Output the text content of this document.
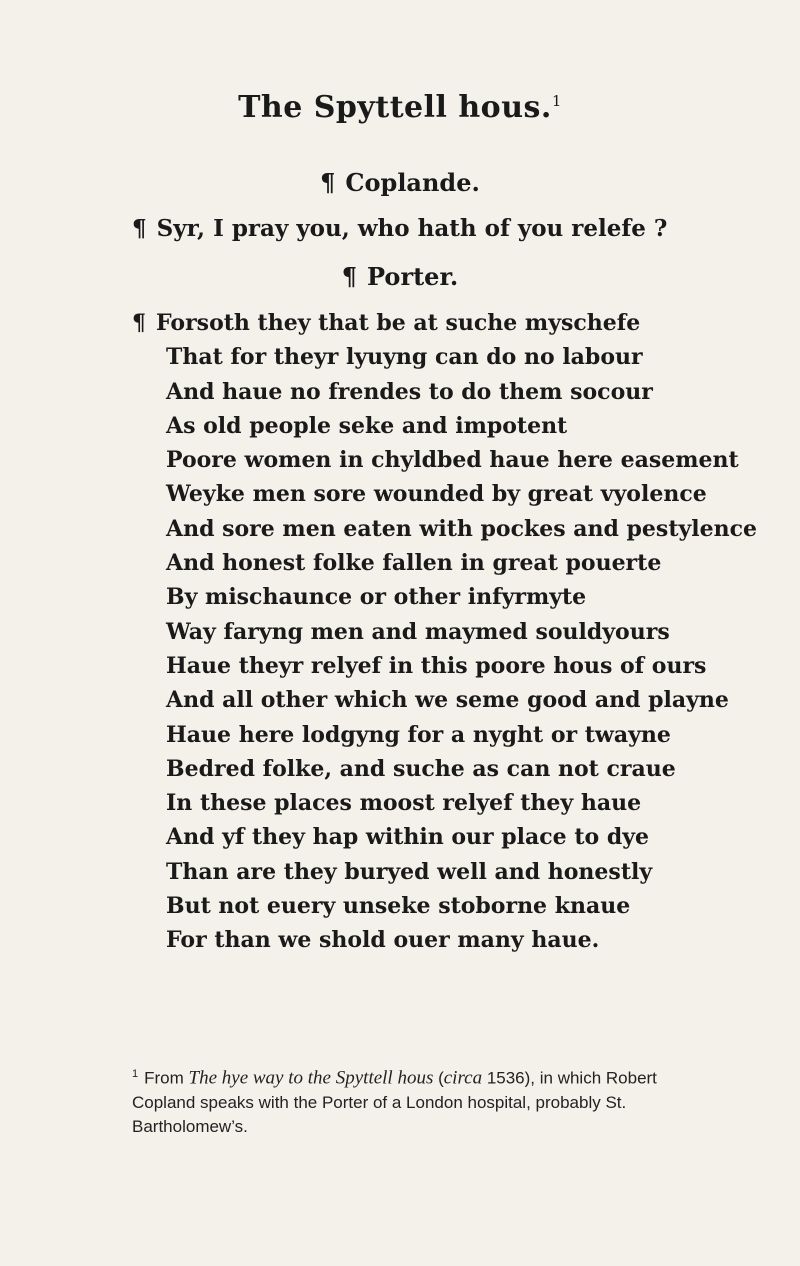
The Spyttell hous.$^1$
¶ Coplande.
¶ Syr, I pray you, who hath of you relefe ?
¶ Porter.
¶ Forsoth they that be at suche myschefe
That for theyr lyuyng can do no labour
And haue no frendes to do them socour
As old people seke and impotent
Poore women in chyldbed haue here easement
Weyke men sore wounded by great vyolence
And sore men eaten with pockes and pestylence
And honest folke fallen in great pouerte
By mischaunce or other infyrmyte
Way faryng men and maymed souldyours
Haue theyr relyef in this poore hous of ours
And all other which we seme good and playne
Haue here lodgyng for a nyght or twayne
Bedred folke, and suche as can not craue
In these places moost relyef they haue
And yf they hap within our place to dye
Than are they buryed well and honestly
But not euery unseke stoborne knaue
For than we shold ouer many haue.
$^1$ From The hye way to the Spyttell hous (circa 1536), in which Robert Copland speaks with the Porter of a London hospital, probably St. Bartholomew’s.
